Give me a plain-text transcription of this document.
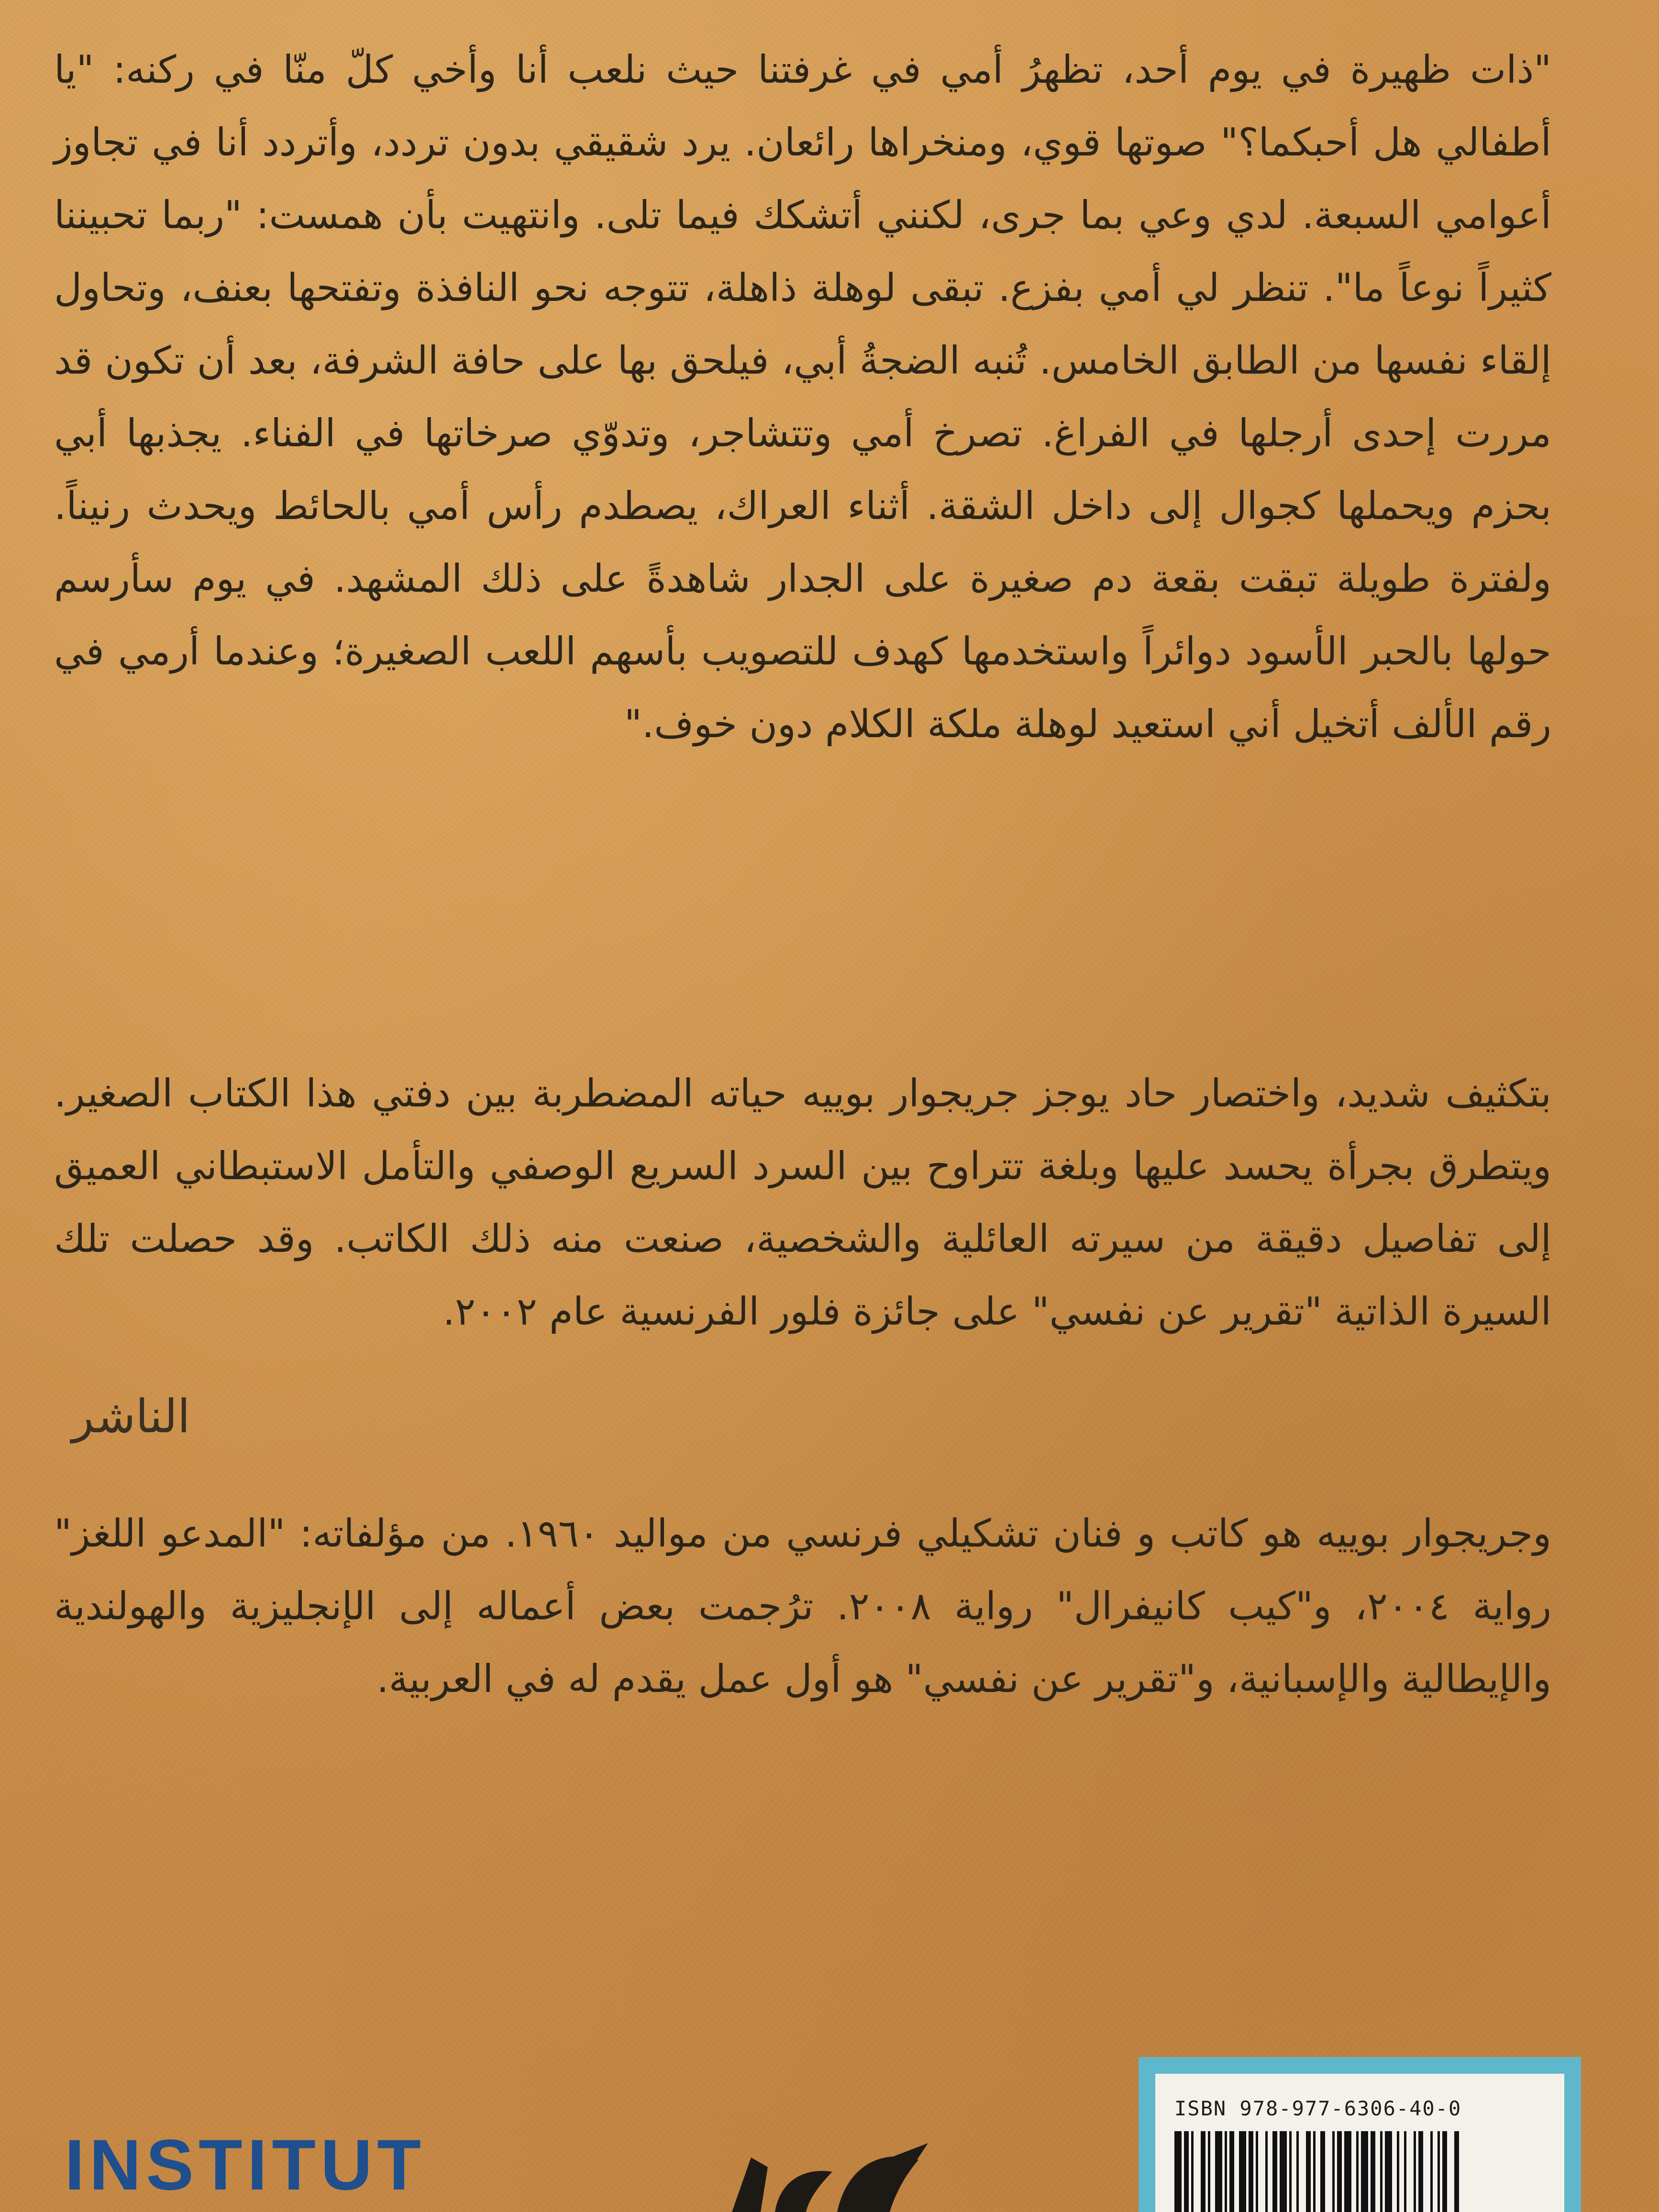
"ذات ظهيرة في يوم أحد، تظهرُ أمي في غرفتنا حيث نلعب أنا وأخي كلّ منّا في ركنه: "يا أطفالي هل أحبكما؟" صوتها قوي، ومنخراها رائعان. يرد شقيقي بدون تردد، وأتردد أنا في تجاوز أعوامي السبعة. لدي وعي بما جرى، لكنني أتشكك فيما تلى. وانتهيت بأن همست: "ربما تحبيننا كثيراً نوعاً ما". تنظر لي أمي بفزع. تبقى لوهلة ذاهلة، تتوجه نحو النافذة وتفتحها بعنف، وتحاول إلقاء نفسها من الطابق الخامس. تُنبه الضجةُ أبي، فيلحق بها على حافة الشرفة، بعد أن تكون قد مررت إحدى أرجلها في الفراغ. تصرخ أمي وتتشاجر، وتدوّي صرخاتها في الفناء. يجذبها أبي بحزم ويحملها كجوال إلى داخل الشقة. أثناء العراك، يصطدم رأس أمي بالحائط ويحدث رنيناً. ولفترة طويلة تبقت بقعة دم صغيرة على الجدار شاهدةً على ذلك المشهد. في يوم سأرسم حولها بالحبر الأسود دوائراً واستخدمها كهدف للتصويب بأسهم اللعب الصغيرة؛ وعندما أرمي في رقم الألف أتخيل أني استعيد لوهلة ملكة الكلام دون خوف."
بتكثيف شديد، واختصار حاد يوجز جريجوار بوييه حياته المضطربة بين دفتي هذا الكتاب الصغير. ويتطرق بجرأة يحسد عليها وبلغة تتراوح بين السرد السريع الوصفي والتأمل الاستبطاني العميق إلى تفاصيل دقيقة من سيرته العائلية والشخصية، صنعت منه ذلك الكاتب. وقد حصلت تلك السيرة الذاتية "تقرير عن نفسي" على جائزة فلور الفرنسية عام ٢٠٠٢.
الناشر
وجريجوار بوييه هو كاتب و فنان تشكيلي فرنسي من مواليد ١٩٦٠. من مؤلفاته: "المدعو اللغز" رواية ٢٠٠٤، و"كيب كانيفرال" رواية ٢٠٠٨. ترُجمت بعض أعماله إلى الإنجليزية والهولندية والإيطالية والإسبانية، و"تقرير عن نفسي" هو أول عمل يقدم له في العربية.
INSTITUT
ISBN 978-977-6306-40-0
